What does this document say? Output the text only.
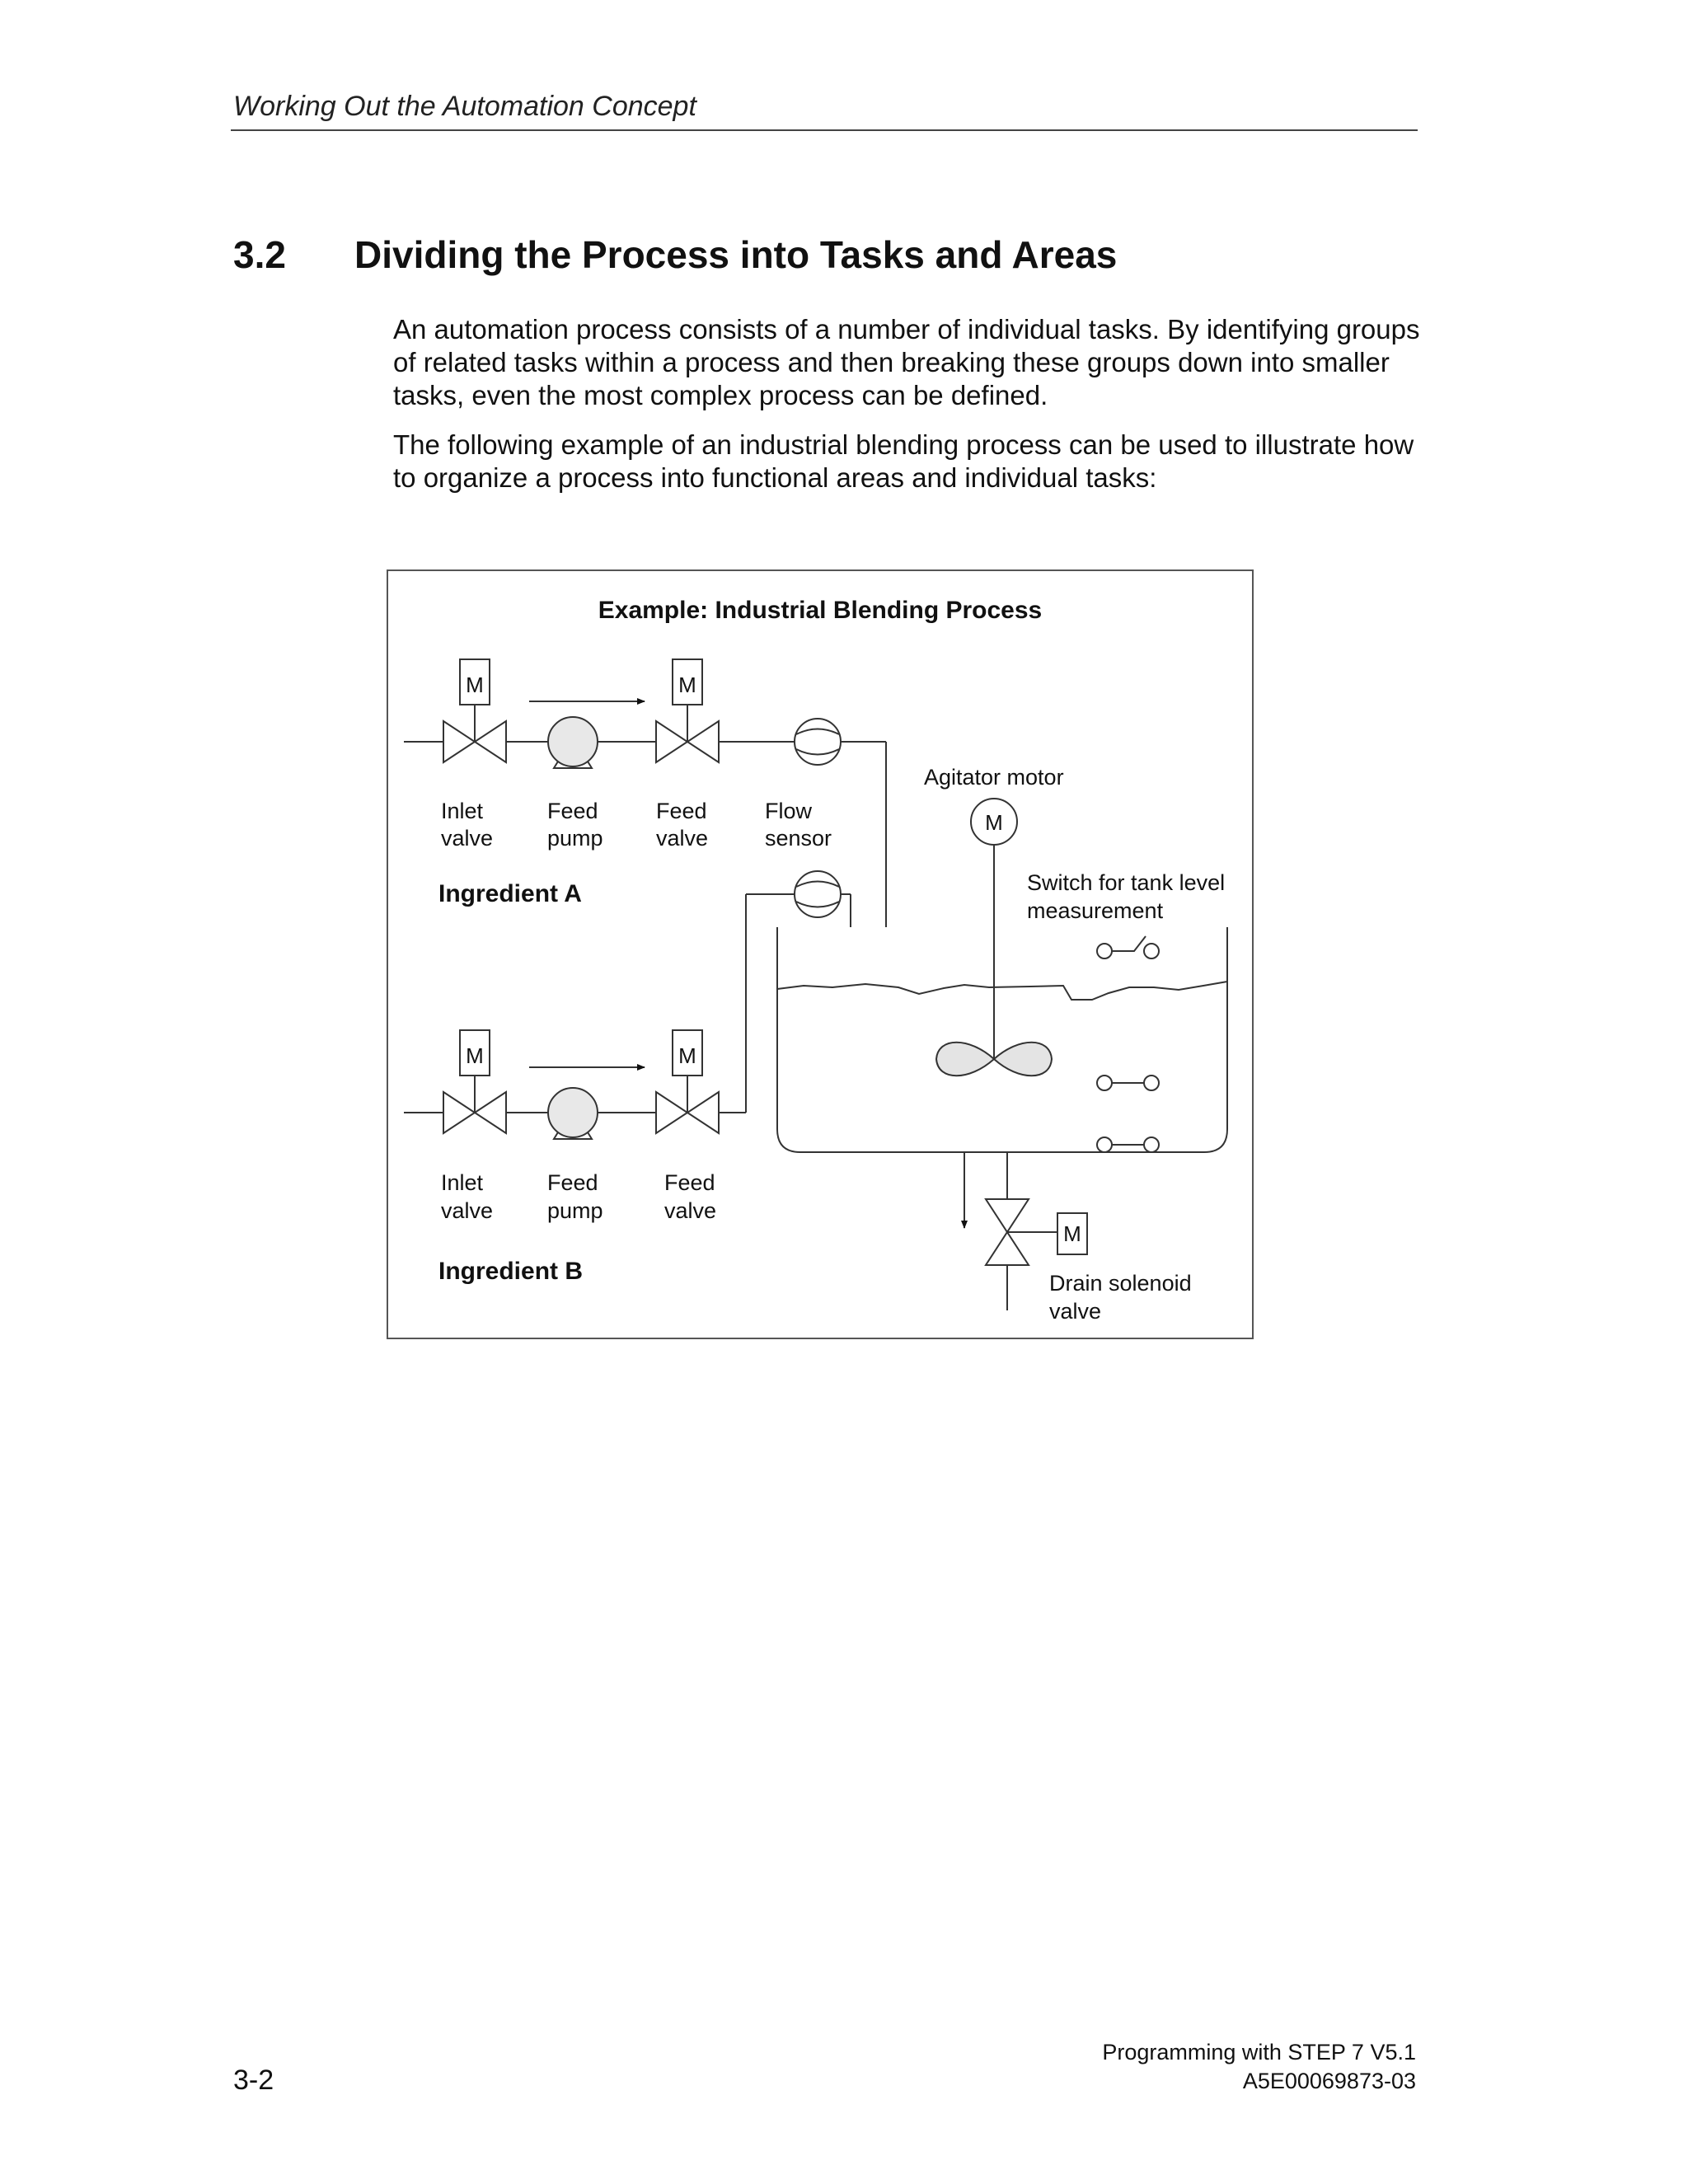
Working Out the Automation Concept
3.2 Dividing the Process into Tasks and Areas

An automation process consists of a number of individual tasks. By identifying groups of related tasks within a process and then breaking these groups down into smaller tasks, even the most complex process can be defined.

The following example of an industrial blending process can be used to illustrate how to organize a process into functional areas and individual tasks:

Example: Industrial Blending Process
M	M
M	M
M
M
Inlet
valve
Feed
pump
Feed
valve
Flow
sensor
Ingredient A
Agitator motor
Switch for tank level
measurement
Inlet
valve
Feed
pump
Feed
valve
Ingredient B	Drain solenoid
valve
Programming with STEP 7 V5.1
A5E00069873-03
3-2
